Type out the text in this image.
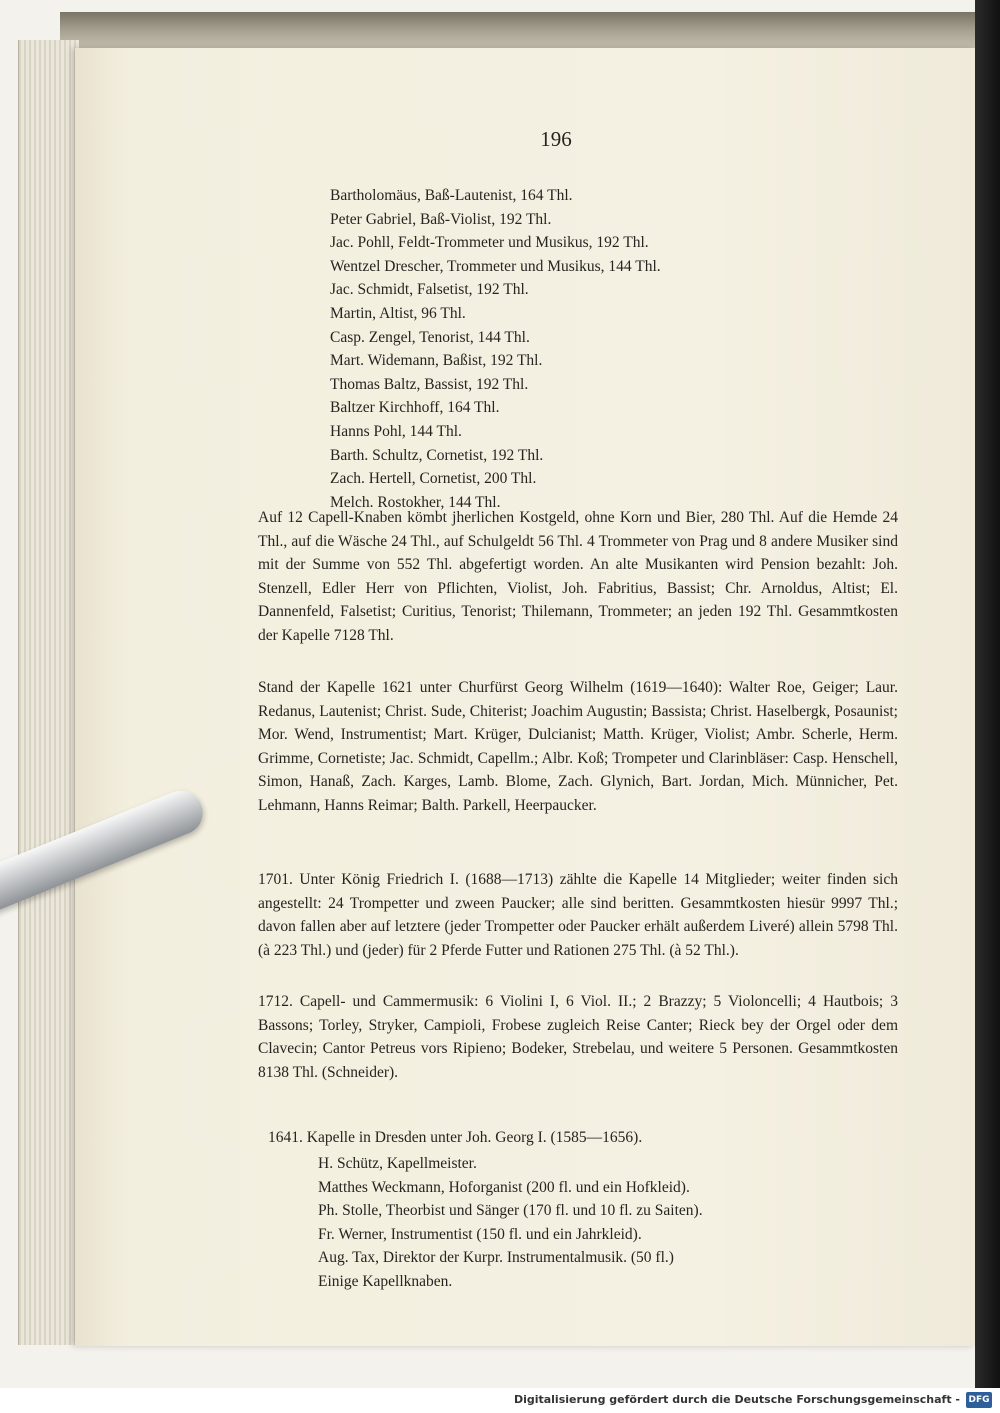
196
Bartholomäus, Baß-Lautenist, 164 Thl.
Peter Gabriel, Baß-Violist, 192 Thl.
Jac. Pohll, Feldt-Trommeter und Musikus, 192 Thl.
Wentzel Drescher, Trommeter und Musikus, 144 Thl.
Jac. Schmidt, Falsetist, 192 Thl.
Martin, Altist, 96 Thl.
Casp. Zengel, Tenorist, 144 Thl.
Mart. Widemann, Baßist, 192 Thl.
Thomas Baltz, Bassist, 192 Thl.
Baltzer Kirchhoff, 164 Thl.
Hanns Pohl, 144 Thl.
Barth. Schultz, Cornetist, 192 Thl.
Zach. Hertell, Cornetist, 200 Thl.
Melch. Rostokher, 144 Thl.
Auf 12 Capell-Knaben kömbt jherlichen Kostgeld, ohne Korn und Bier, 280 Thl. Auf die Hemde 24 Thl., auf die Wäsche 24 Thl., auf Schulgeldt 56 Thl. 4 Trommeter von Prag und 8 andere Musiker sind mit der Summe von 552 Thl. abgefertigt worden. An alte Musikanten wird Pension bezahlt: Joh. Stenzell, Edler Herr von Pflichten, Violist, Joh. Fabritius, Bassist; Chr. Arnoldus, Altist; El. Dannenfeld, Falsetist; Curitius, Tenorist; Thilemann, Trommeter; an jeden 192 Thl. Gesammtkosten der Kapelle 7128 Thl.
Stand der Kapelle 1621 unter Churfürst Georg Wilhelm (1619—1640): Walter Roe, Geiger; Laur. Redanus, Lautenist; Christ. Sude, Chiterist; Joachim Augustin; Bassista; Christ. Haselbergk, Posaunist; Mor. Wend, Instrumentist; Mart. Krüger, Dulcianist; Matth. Krüger, Violist; Ambr. Scherle, Herm. Grimme, Cornetiste; Jac. Schmidt, Capellm.; Albr. Koß; Trompeter und Clarinbläser: Casp. Henschell, Simon, Hanaß, Zach. Karges, Lamb. Blome, Zach. Glynich, Bart. Jordan, Mich. Münnicher, Pet. Lehmann, Hanns Reimar; Balth. Parkell, Heerpaucker.
1701. Unter König Friedrich I. (1688—1713) zählte die Kapelle 14 Mitglieder; weiter finden sich angestellt: 24 Trompetter und zween Paucker; alle sind beritten. Gesammtkosten hiesür 9997 Thl.; davon fallen aber auf letztere (jeder Trompetter oder Paucker erhält außerdem Liveré) allein 5798 Thl. (à 223 Thl.) und (jeder) für 2 Pferde Futter und Rationen 275 Thl. (à 52 Thl.).
1712. Capell- und Cammermusik: 6 Violini I, 6 Viol. II.; 2 Brazzy; 5 Violoncelli; 4 Hautbois; 3 Bassons; Torley, Stryker, Campioli, Frobese zugleich Reise Canter; Rieck bey der Orgel oder dem Clavecin; Cantor Petreus vors Ripieno; Bodeker, Strebelau, und weitere 5 Personen. Gesammtkosten 8138 Thl. (Schneider).
1641. Kapelle in Dresden unter Joh. Georg I. (1585—1656).
H. Schütz, Kapellmeister.
Matthes Weckmann, Hoforganist (200 fl. und ein Hofkleid).
Ph. Stolle, Theorbist und Sänger (170 fl. und 10 fl. zu Saiten).
Fr. Werner, Instrumentist (150 fl. und ein Jahrkleid).
Aug. Tax, Direktor der Kurpr. Instrumentalmusik. (50 fl.)
Einige Kapellknaben.
Digitalisierung gefördert durch die Deutsche Forschungsgemeinschaft - DFG
